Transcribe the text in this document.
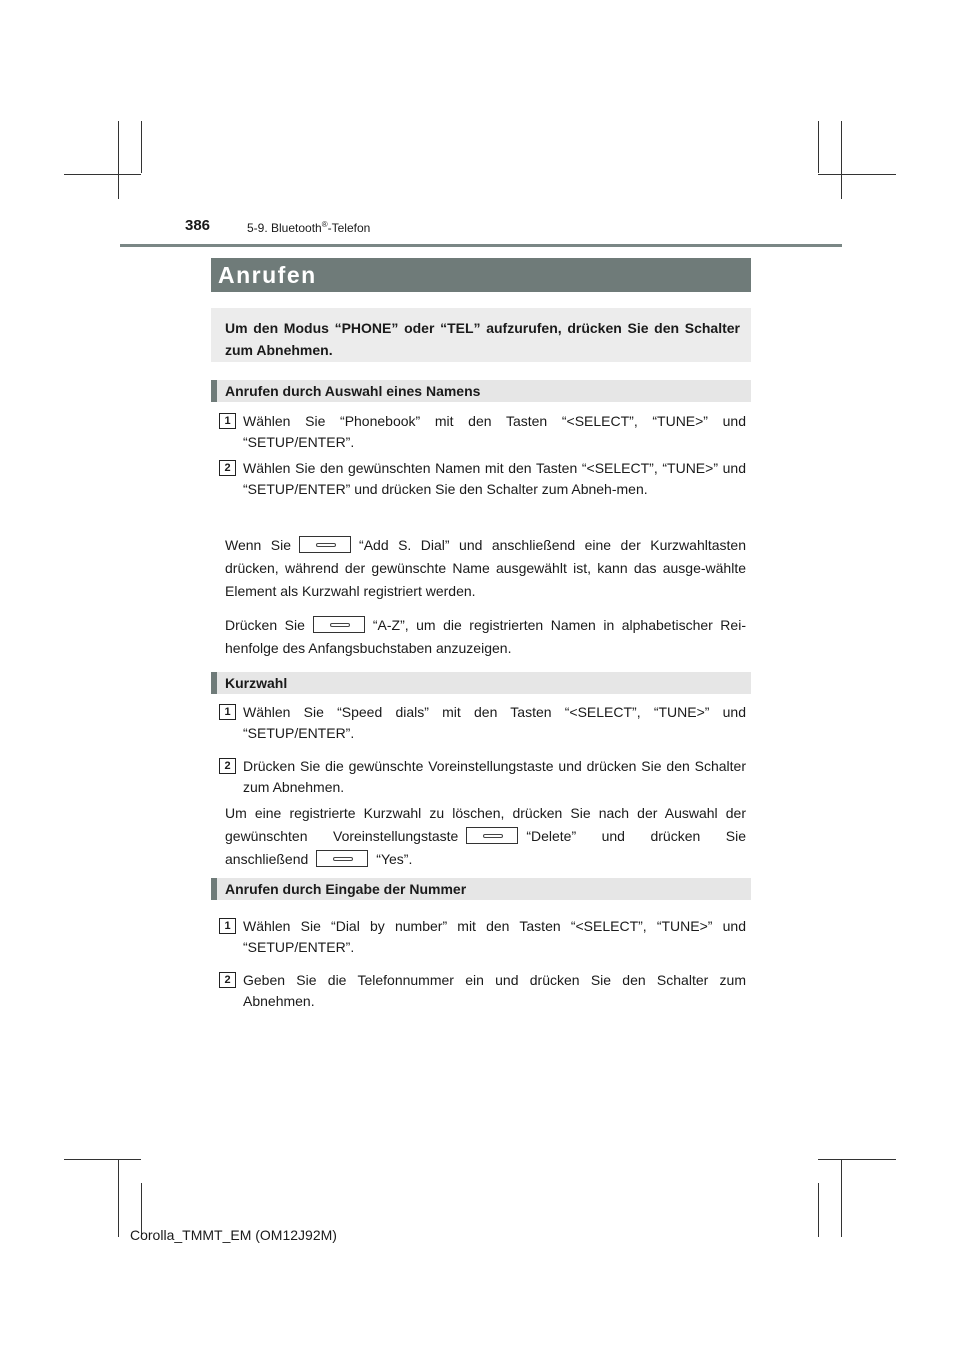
386	5-9. Bluetooth®-Telefon
Anrufen
Um den Modus “PHONE” oder “TEL” aufzurufen, drücken Sie den Schalter zum Abnehmen.
Anrufen durch Auswahl eines Namens
1 Wählen Sie “Phonebook” mit den Tasten “<SELECT”, “TUNE>” und “SETUP/ENTER”.
2 Wählen Sie den gewünschten Namen mit den Tasten “<SELECT”, “TUNE>” und “SETUP/ENTER” und drücken Sie den Schalter zum Abneh-men.
Wenn Sie	“Add S. Dial” und anschließend eine der Kurzwahltasten drücken, während der gewünschte Name ausgewählt ist, kann das ausge-wählte Element als Kurzwahl registriert werden.
Drücken Sie	“A-Z”, um die registrierten Namen in alphabetischer Rei-henfolge des Anfangsbuchstaben anzuzeigen.
Kurzwahl
1 Wählen Sie “Speed dials” mit den Tasten “<SELECT”, “TUNE>” und “SETUP/ENTER”.
2 Drücken Sie die gewünschte Voreinstellungstaste und drücken Sie den Schalter zum Abnehmen.
Um eine registrierte Kurzwahl zu löschen, drücken Sie nach der Auswahl der gewünschten Voreinstellungstaste	“Delete” und drücken Sie anschließend	“Yes”.
Anrufen durch Eingabe der Nummer
1 Wählen Sie “Dial by number” mit den Tasten “<SELECT”, “TUNE>” und “SETUP/ENTER”.
2 Geben Sie die Telefonnummer ein und drücken Sie den Schalter zum Abnehmen.
Corolla_TMMT_EM (OM12J92M)
